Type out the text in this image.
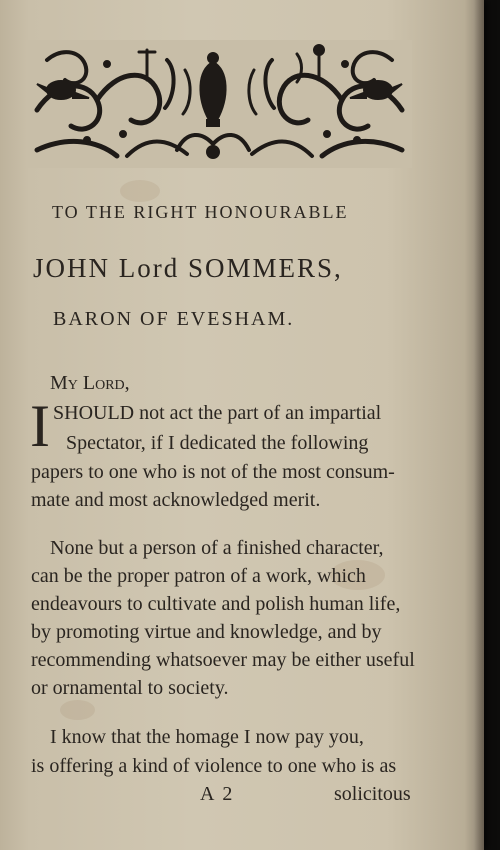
TO THE RIGHT HONOURABLE
JOHN Lord SOMMERS,
BARON OF EVESHAM.
My Lord,
I SHOULD not act the part of an impartial
Spectator, if I dedicated the following
papers to one who is not of the most consum-
mate and most acknowledged merit.
None but a person of a finished character,
can be the proper patron of a work, which
endeavours to cultivate and polish human life,
by promoting virtue and knowledge, and by
recommending whatsoever may be either useful
or ornamental to society.
I know that the homage I now pay you,
is offering a kind of violence to one who is as
A 2	solicitous
